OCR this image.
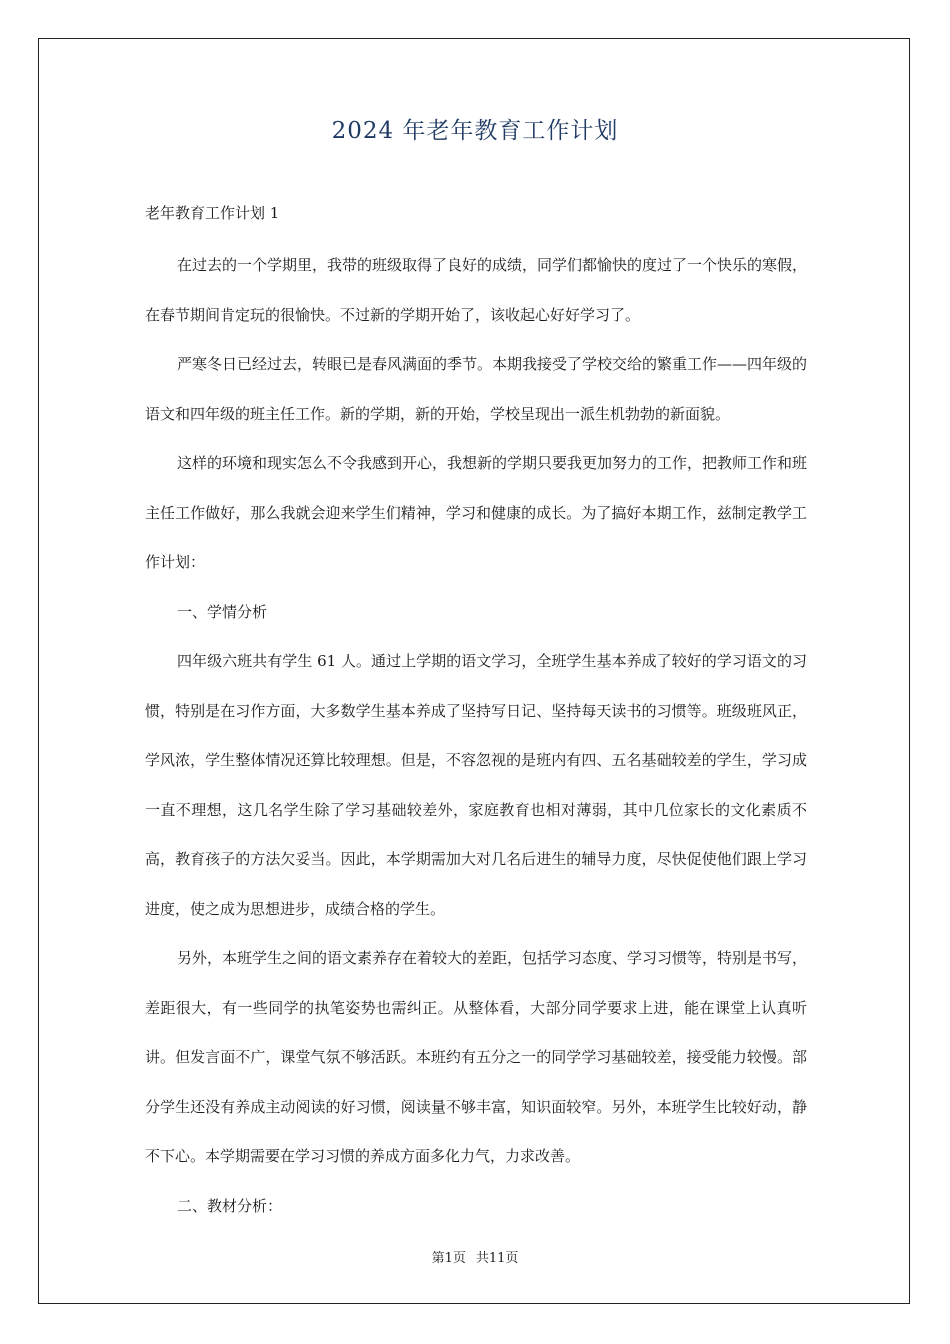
2024 年老年教育工作计划

老年教育工作计划 1

在过去的一个学期里，我带的班级取得了良好的成绩，同学们都愉快的度过了一个快乐的寒假，在春节期间肯定玩的很愉快。不过新的学期开始了，该收起心好好学习了。

严寒冬日已经过去，转眼已是春风满面的季节。本期我接受了学校交给的繁重工作——四年级的语文和四年级的班主任工作。新的学期，新的开始，学校呈现出一派生机勃勃的新面貌。

这样的环境和现实怎么不令我感到开心，我想新的学期只要我更加努力的工作，把教师工作和班主任工作做好，那么我就会迎来学生们精神，学习和健康的成长。为了搞好本期工作，兹制定教学工作计划：

一、学情分析

四年级六班共有学生 61 人。通过上学期的语文学习，全班学生基本养成了较好的学习语文的习惯，特别是在习作方面，大多数学生基本养成了坚持写日记、坚持每天读书的习惯等。班级班风正，学风浓，学生整体情况还算比较理想。但是，不容忽视的是班内有四、五名基础较差的学生，学习成一直不理想，这几名学生除了学习基础较差外，家庭教育也相对薄弱，其中几位家长的文化素质不高，教育孩子的方法欠妥当。因此，本学期需加大对几名后进生的辅导力度，尽快促使他们跟上学习进度，使之成为思想进步，成绩合格的学生。

另外，本班学生之间的语文素养存在着较大的差距，包括学习态度、学习习惯等，特别是书写，差距很大，有一些同学的执笔姿势也需纠正。从整体看，大部分同学要求上进，能在课堂上认真听讲。但发言面不广，课堂气氛不够活跃。本班约有五分之一的同学学习基础较差，接受能力较慢。部分学生还没有养成主动阅读的好习惯，阅读量不够丰富，知识面较窄。另外，本班学生比较好动，静不下心。本学期需要在学习习惯的养成方面多化力气，力求改善。

二、教材分析：

第1页 共11页
